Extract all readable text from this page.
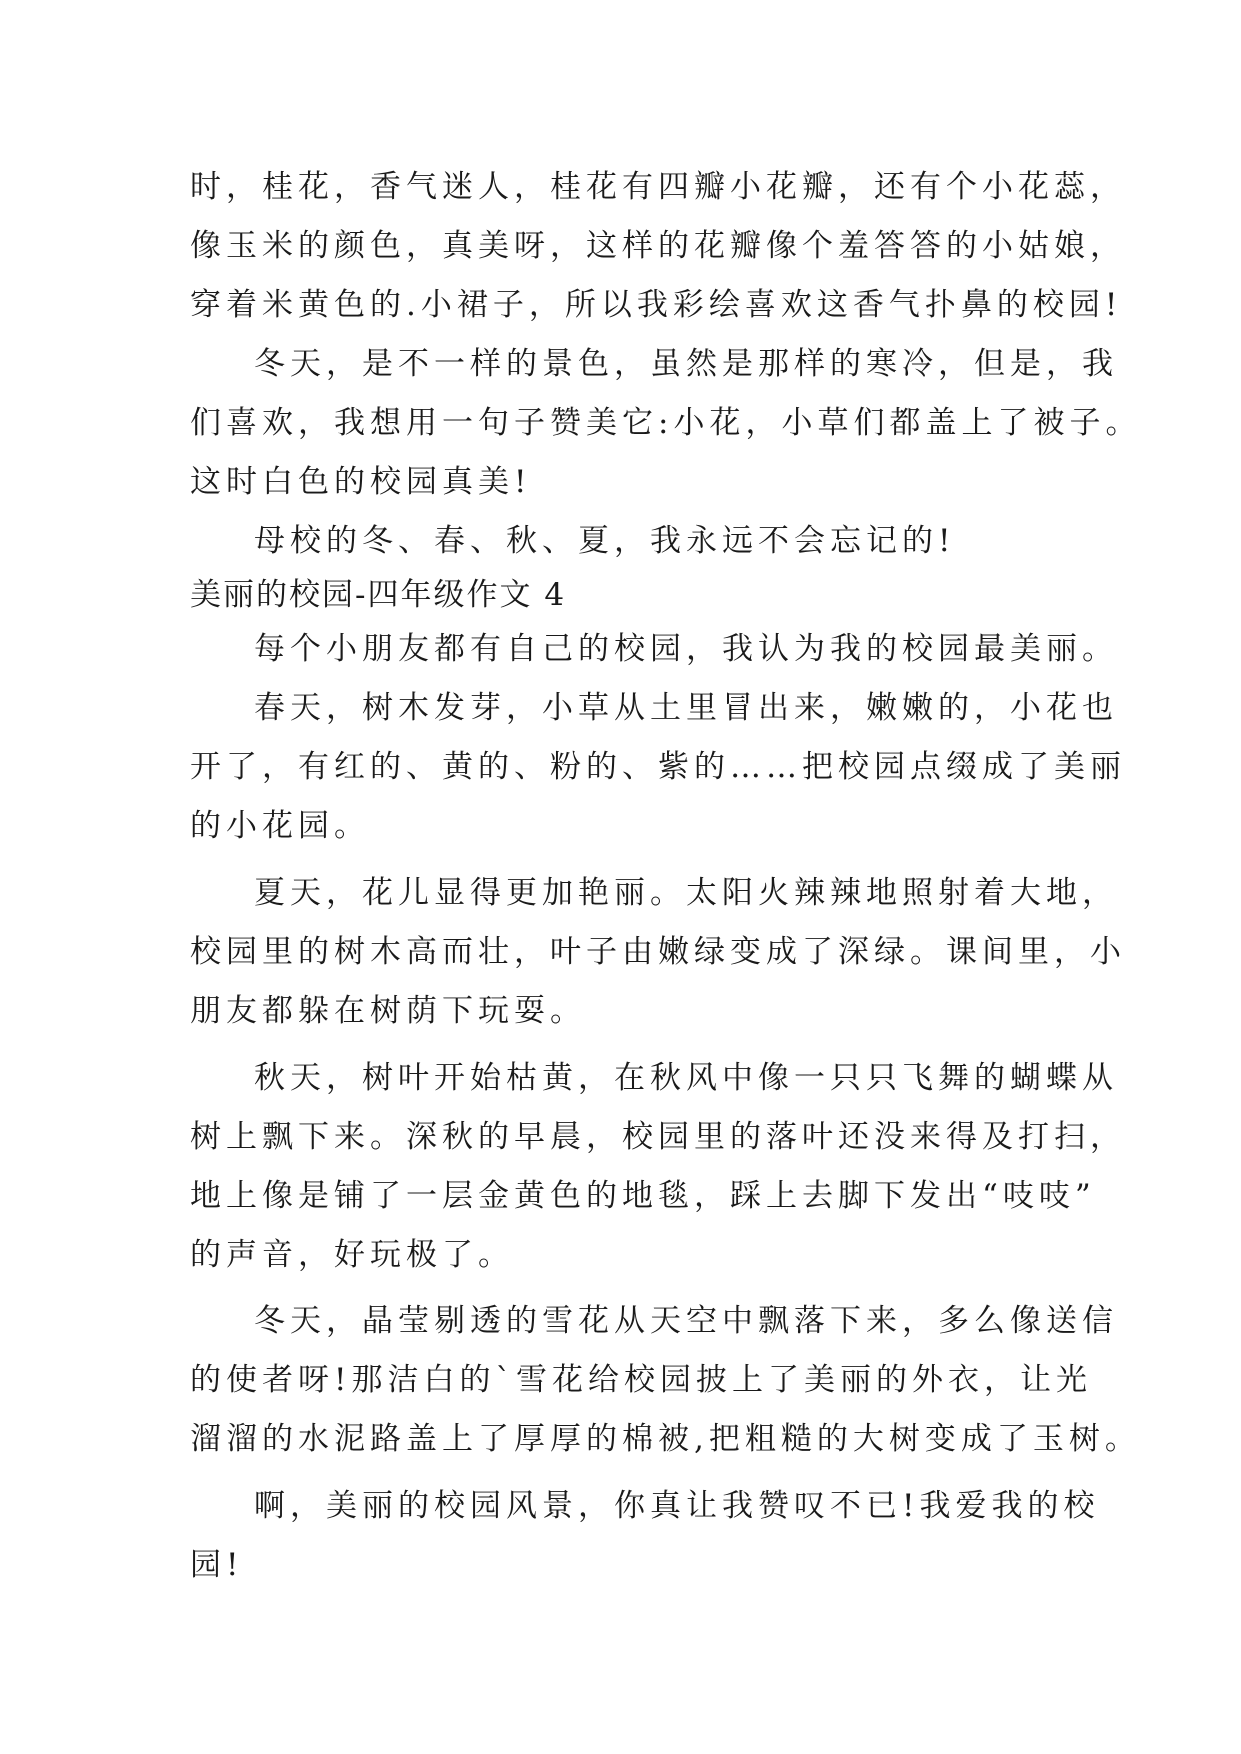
时，桂花，香气迷人，桂花有四瓣小花瓣，还有个小花蕊，
像玉米的颜色，真美呀，这样的花瓣像个羞答答的小姑娘，
穿着米黄色的.小裙子，所以我彩绘喜欢这香气扑鼻的校园!
冬天，是不一样的景色，虽然是那样的寒冷，但是，我
们喜欢，我想用一句子赞美它:小花，小草们都盖上了被子。
这时白色的校园真美!
母校的冬、春、秋、夏，我永远不会忘记的!
美丽的校园-四年级作文 4
每个小朋友都有自己的校园，我认为我的校园最美丽。
春天，树木发芽，小草从土里冒出来，嫩嫩的，小花也
开了，有红的、黄的、粉的、紫的……把校园点缀成了美丽
的小花园。
夏天，花儿显得更加艳丽。太阳火辣辣地照射着大地，
校园里的树木高而壮，叶子由嫩绿变成了深绿。课间里，小
朋友都躲在树荫下玩耍。
秋天，树叶开始枯黄，在秋风中像一只只飞舞的蝴蝶从
树上飘下来。深秋的早晨，校园里的落叶还没来得及打扫，
地上像是铺了一层金黄色的地毯，踩上去脚下发出“吱吱”
的声音，好玩极了。
冬天，晶莹剔透的雪花从天空中飘落下来，多么像送信
的使者呀!那洁白的`雪花给校园披上了美丽的外衣，让光
溜溜的水泥路盖上了厚厚的棉被,把粗糙的大树变成了玉树。
啊，美丽的校园风景，你真让我赞叹不已!我爱我的校
园!
